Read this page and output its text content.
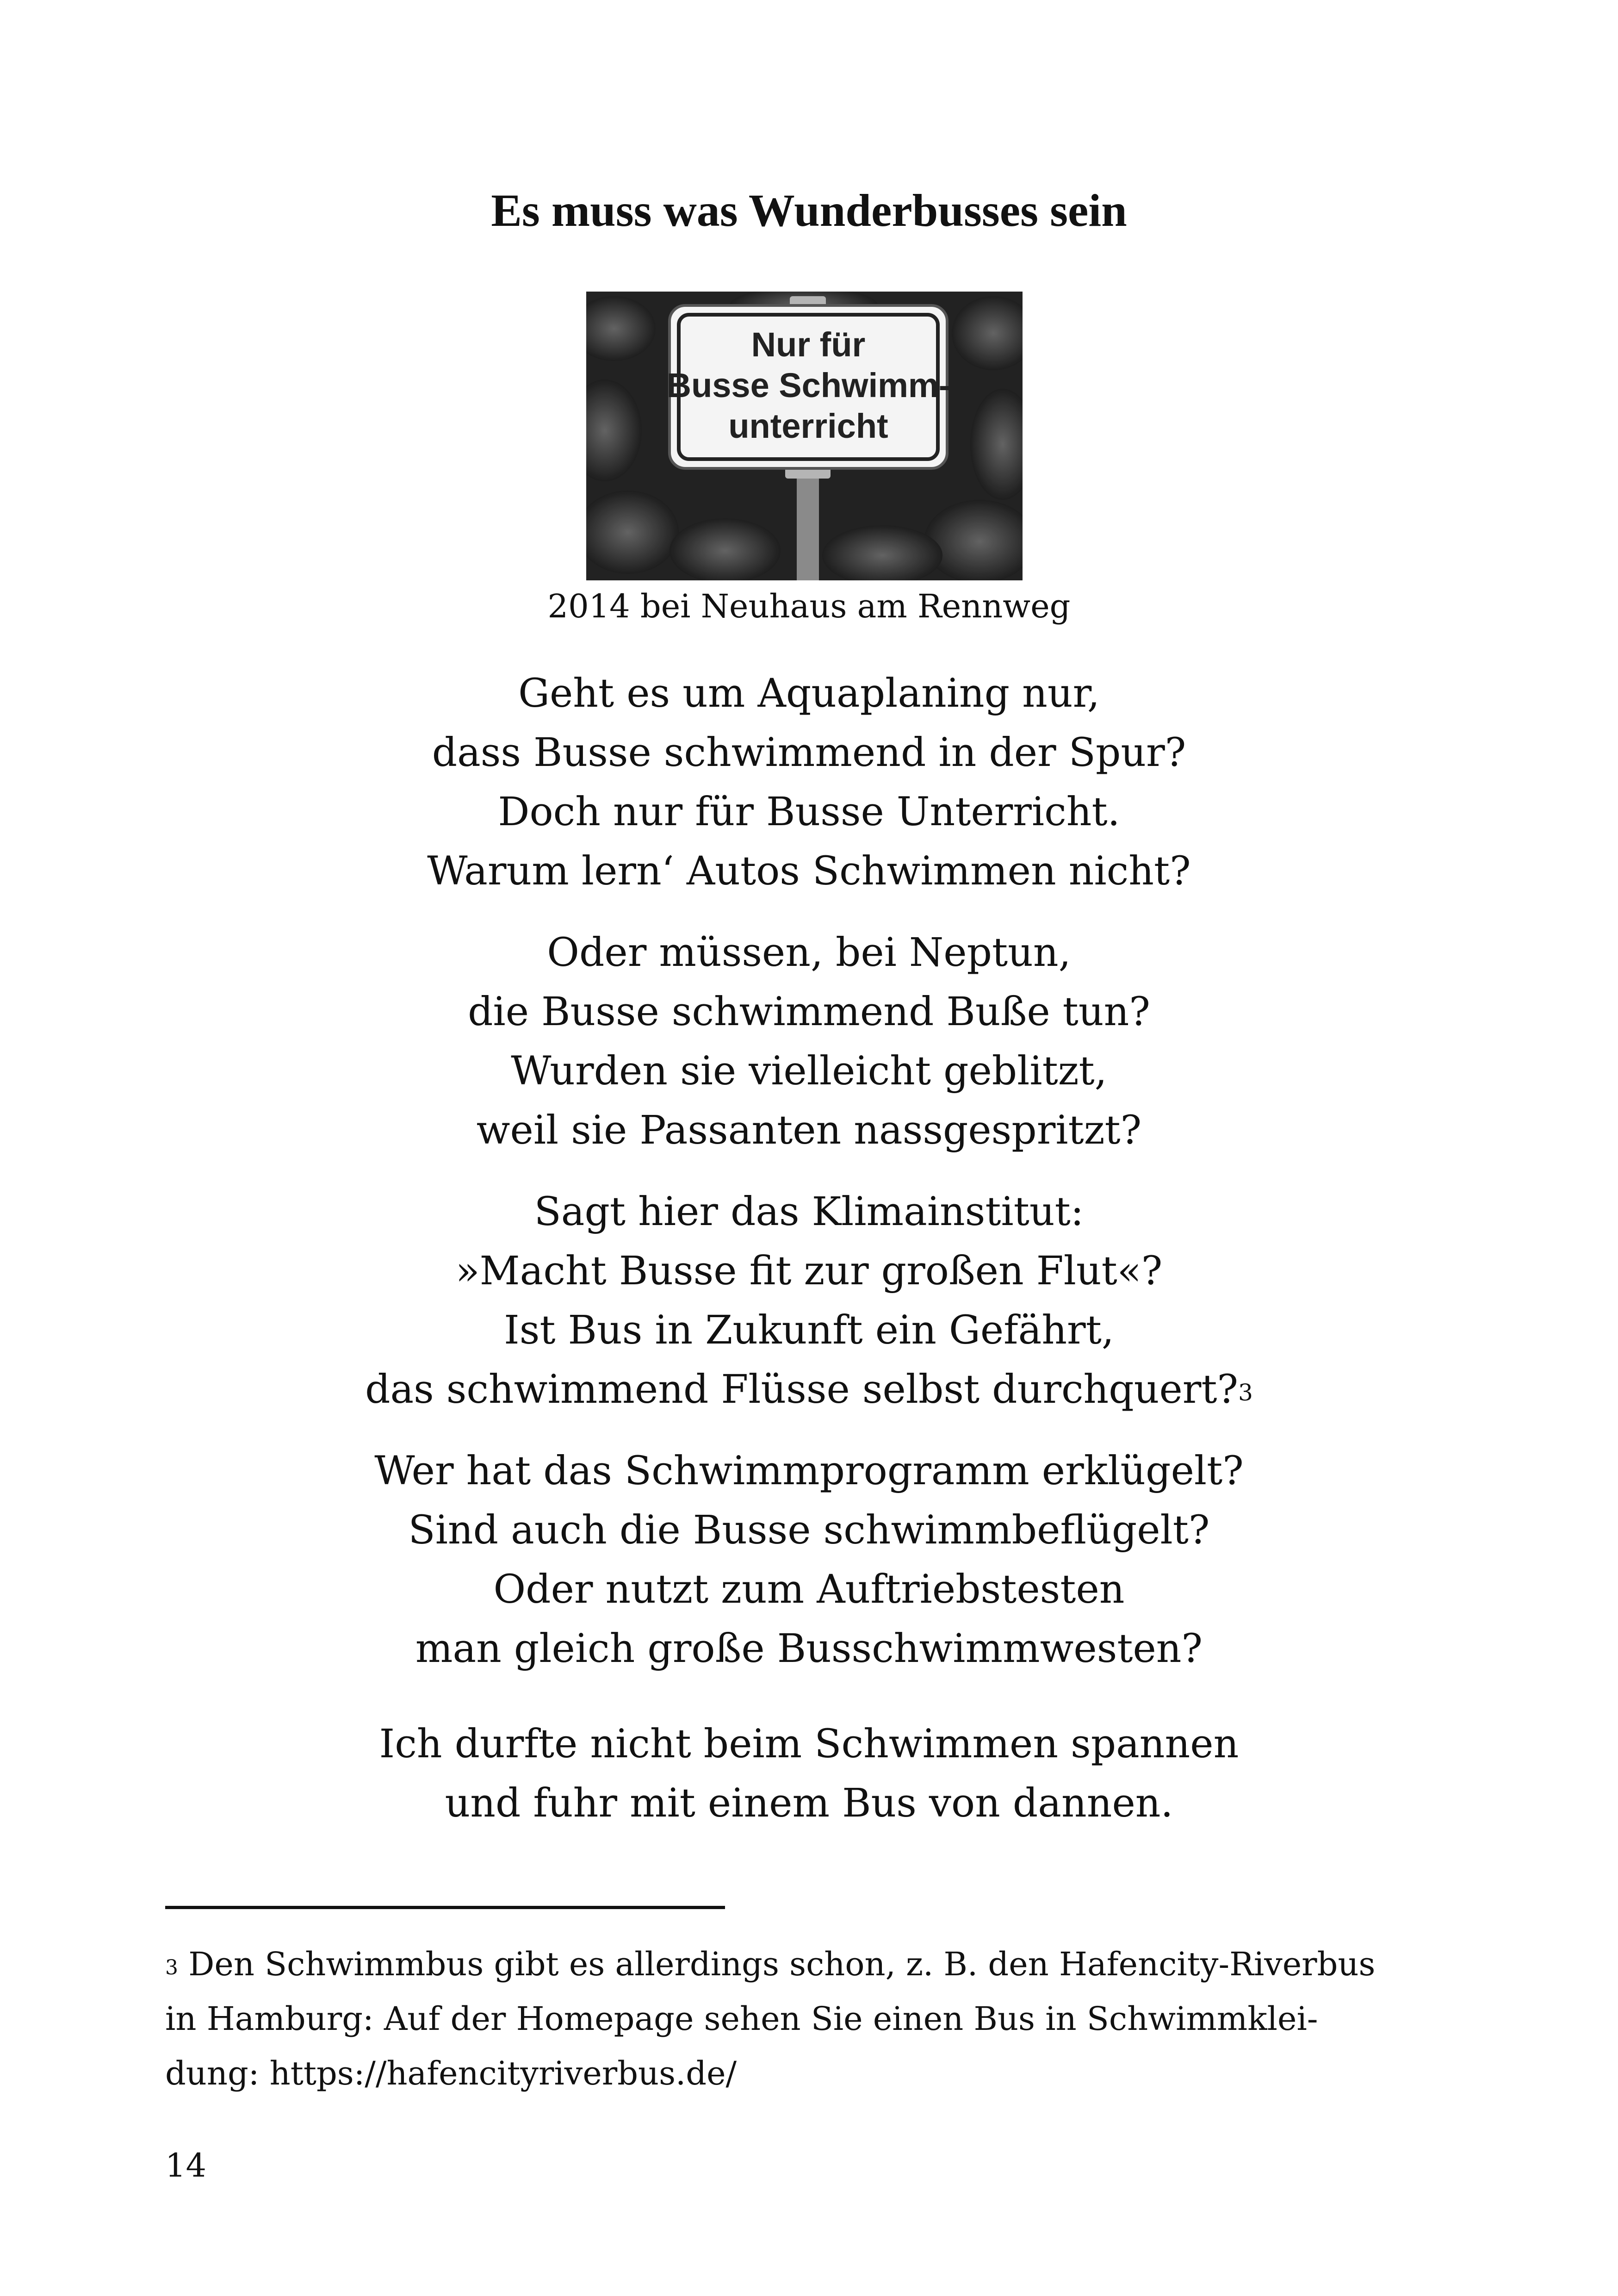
Es muss was Wunderbusses sein
Nur für
Busse Schwimm-
unterricht
2014 bei Neuhaus am Rennweg
Geht es um Aquaplaning nur,
dass Busse schwimmend in der Spur?
Doch nur für Busse Unterricht.
Warum lern‘ Autos Schwimmen nicht?
Oder müssen, bei Neptun,
die Busse schwimmend Buße tun?
Wurden sie vielleicht geblitzt,
weil sie Passanten nassgespritzt?
Sagt hier das Klimainstitut:
»Macht Busse fit zur großen Flut«?
Ist Bus in Zukunft ein Gefährt,
das schwimmend Flüsse selbst durchquert?$^3$
Wer hat das Schwimmprogramm erklügelt?
Sind auch die Busse schwimmbeflügelt?
Oder nutzt zum Auftriebstesten
man gleich große Busschwimmwesten?
Ich durfte nicht beim Schwimmen spannen
und fuhr mit einem Bus von dannen.
$^3$ Den Schwimmbus gibt es allerdings schon, z. B. den Hafencity-Riverbus
in Hamburg: Auf der Homepage sehen Sie einen Bus in Schwimmklei-
dung: https://hafencityriverbus.de/
14
